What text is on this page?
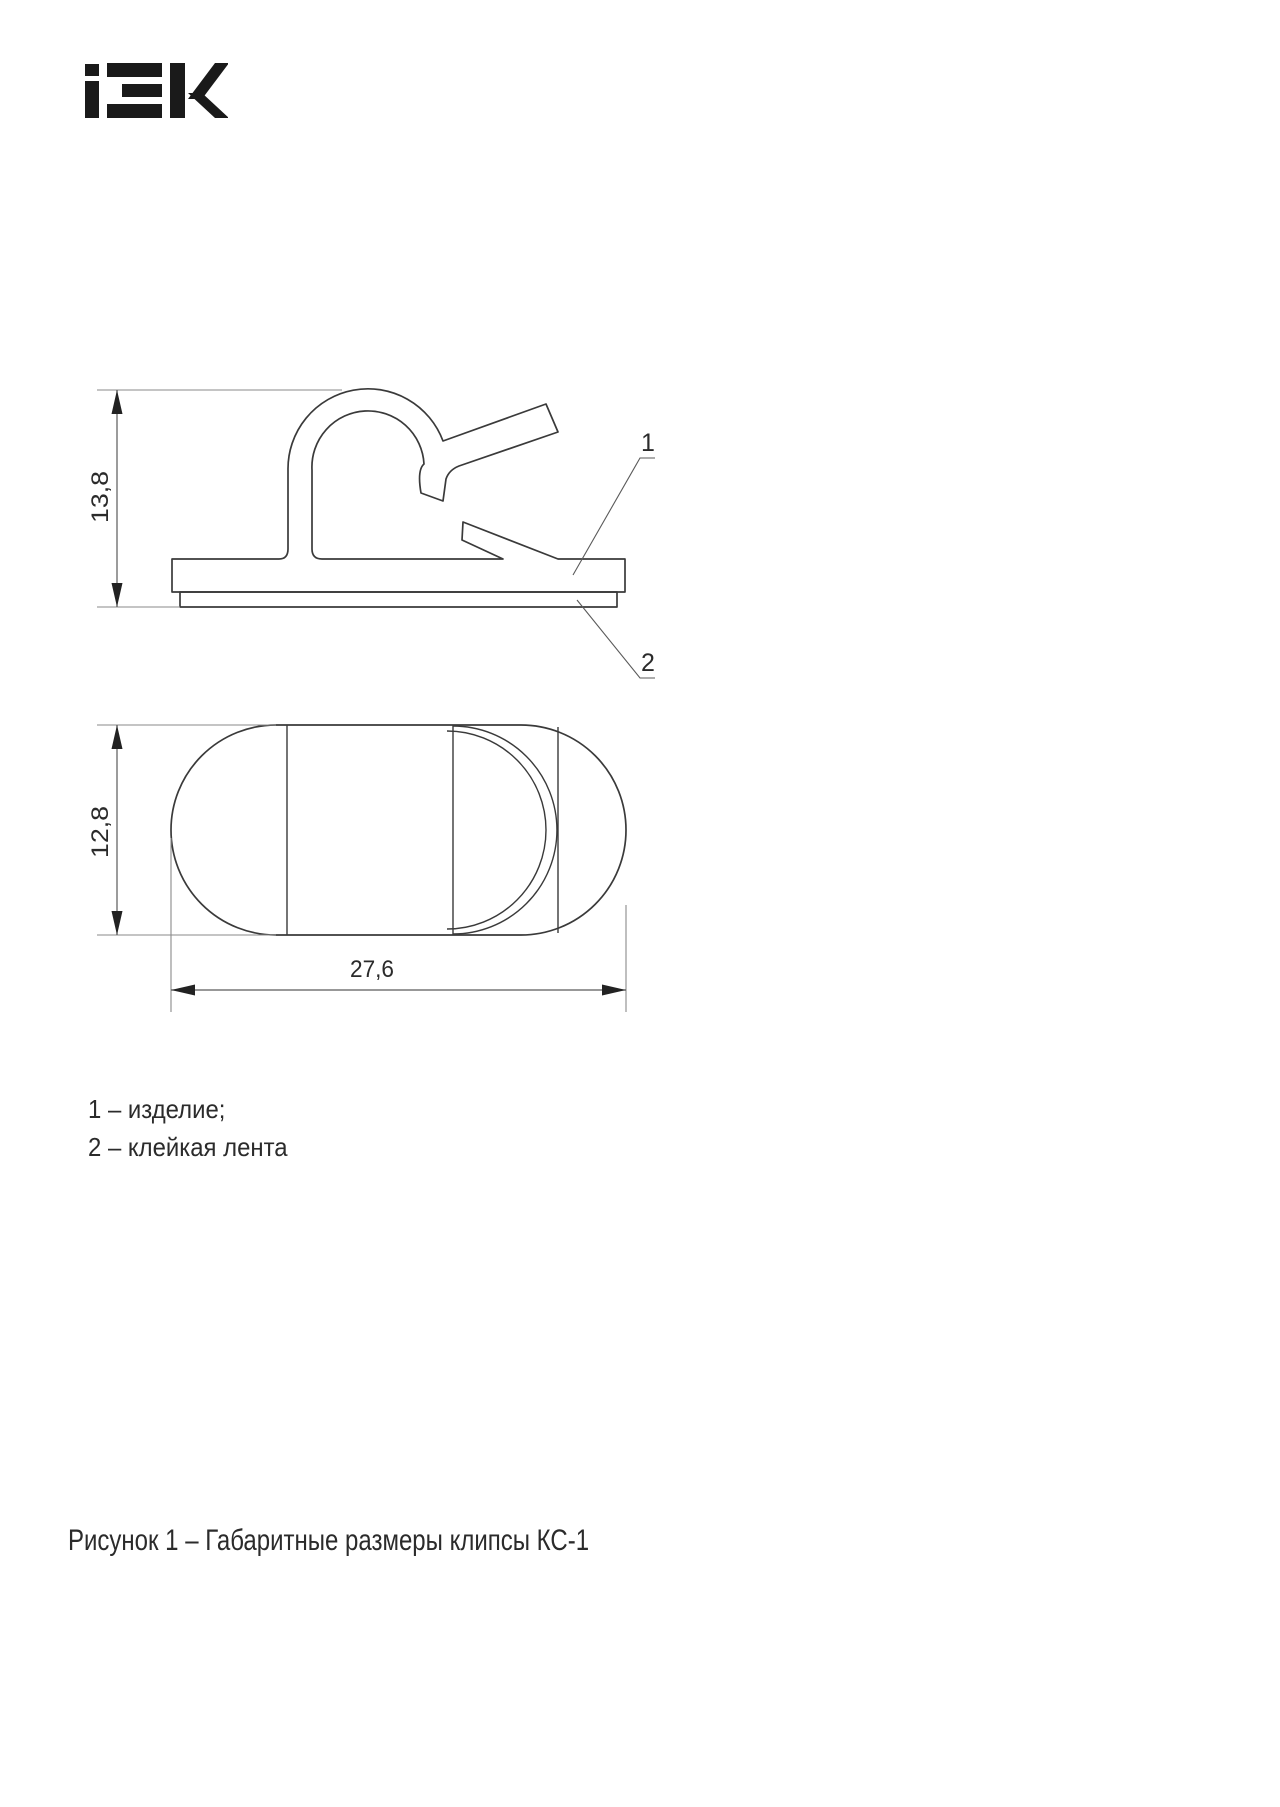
13,8
1
2
12,8
27,6
1 – изделие;
2 – клейкая лента
Рисунок 1 – Габаритные размеры клипсы КС-1
